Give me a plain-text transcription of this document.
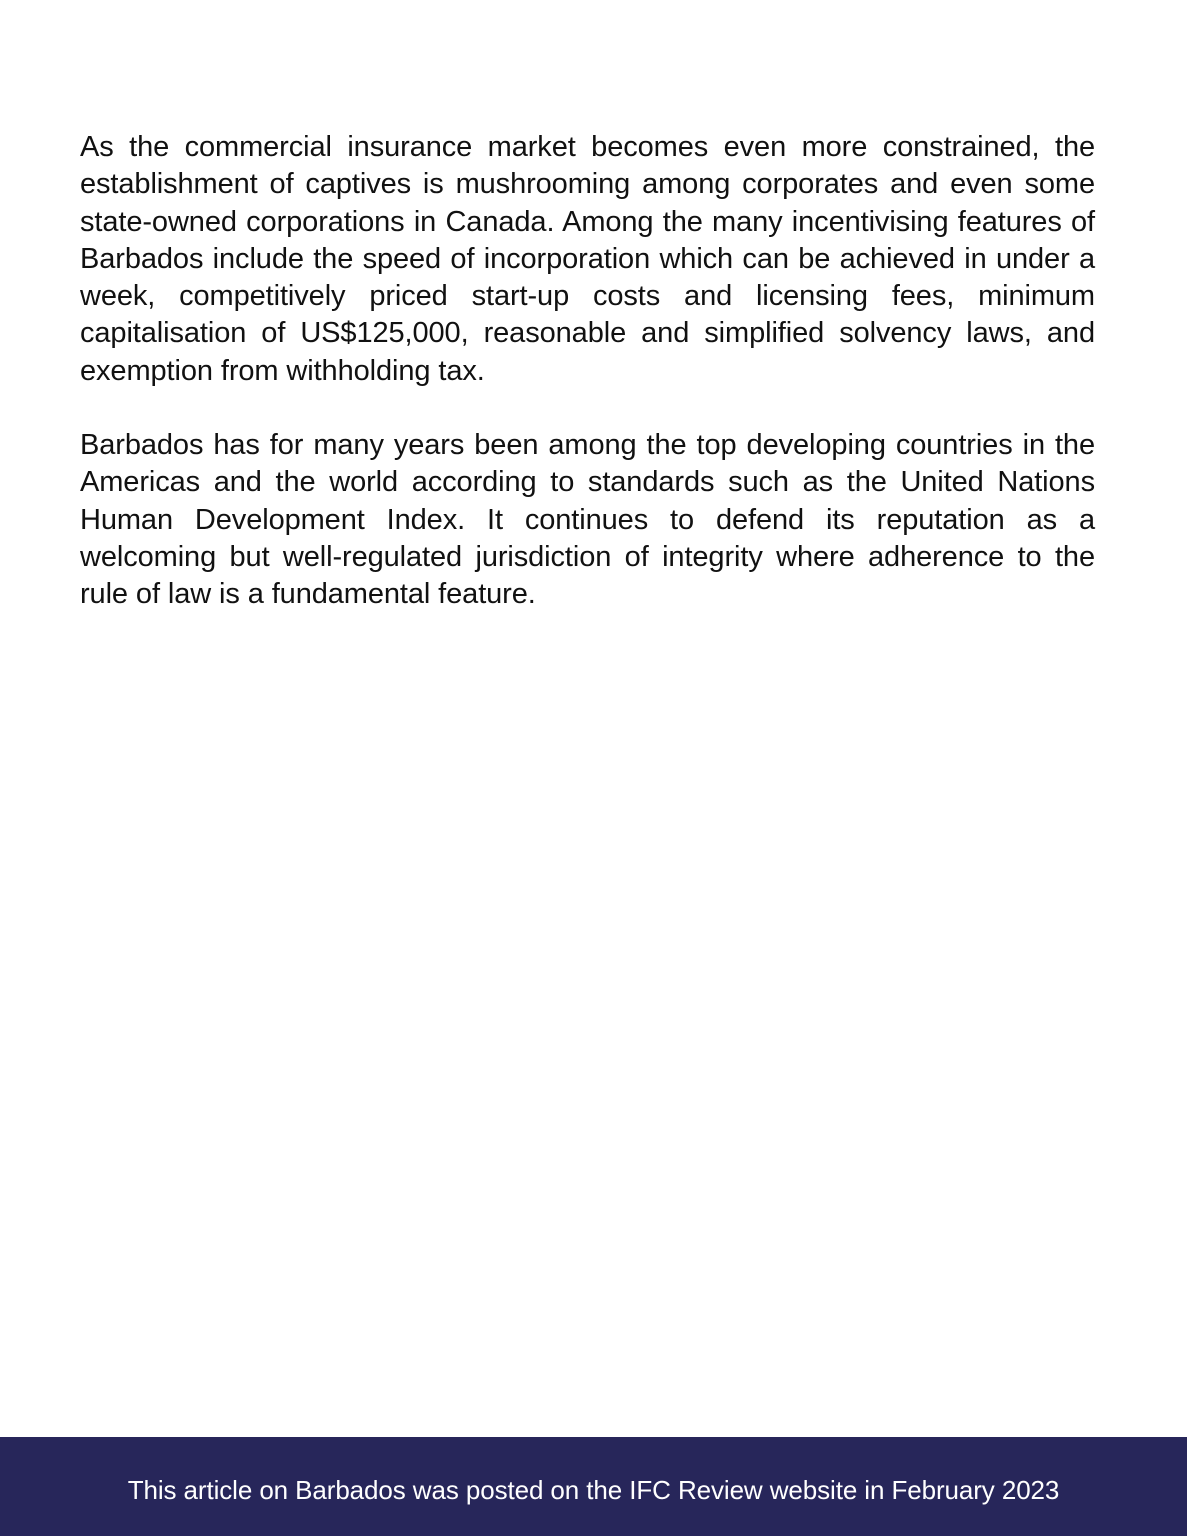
As the commercial insurance market becomes even more constrained, the establishment of captives is mushrooming among corporates and even some state-owned corporations in Canada. Among the many incentivising features of Barbados include the speed of incorporation which can be achieved in under a week, competitively priced start-up costs and licensing fees, minimum capitalisation of US$125,000, reasonable and simplified solvency laws, and exemption from withholding tax.

Barbados has for many years been among the top developing countries in the Americas and the world according to standards such as the United Nations Human Development Index. It continues to defend its reputation as a welcoming but well-regulated jurisdiction of integrity where adherence to the rule of law is a fundamental feature.

This article on Barbados was posted on the IFC Review website in February 2023
